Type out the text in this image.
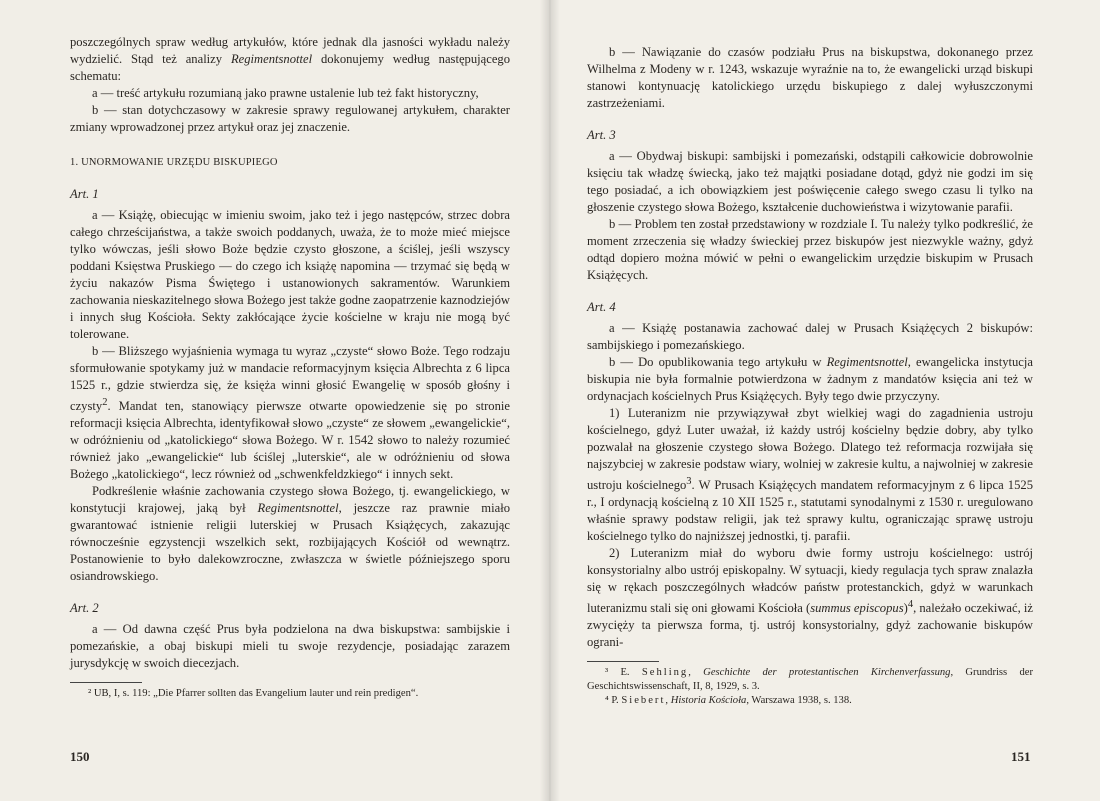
poszczególnych spraw według artykułów, które jednak dla jasności wykładu należy wydzielić. Stąd też analizy Regimentsnottel dokonujemy według następującego schematu:

a — treść artykułu rozumianą jako prawne ustalenie lub też fakt historyczny,

b — stan dotychczasowy w zakresie sprawy regulowanej artykułem, charakter zmiany wprowadzonej przez artykuł oraz jej znaczenie.

1. UNORMOWANIE URZĘDU BISKUPIEGO

Art. 1

a — Książę, obiecując w imieniu swoim, jako też i jego następców, strzec dobra całego chrześcijaństwa, a także swoich poddanych, uważa, że to może mieć miejsce tylko wówczas, jeśli słowo Boże będzie czysto głoszone, a ściślej, jeśli wszyscy poddani Księstwa Pruskiego — do czego ich książę napomina — trzymać się będą w życiu nakazów Pisma Świętego i ustanowionych sakramentów. Warunkiem zachowania nieskazitelnego słowa Bożego jest także godne zaopatrzenie kaznodziejów i innych sług Kościoła. Sekty zakłócające życie kościelne w kraju nie mogą być tolerowane.

b — Bliższego wyjaśnienia wymaga tu wyraz „czyste“ słowo Boże. Tego rodzaju sformułowanie spotykamy już w mandacie reformacyjnym księcia Albrechta z 6 lipca 1525 r., gdzie stwierdza się, że księża winni głosić Ewangelię w sposób głośny i czysty$^2$. Mandat ten, stanowiący pierwsze otwarte opowiedzenie się po stronie reformacji księcia Albrechta, identyfikował słowo „czyste“ ze słowem „ewangelickie“, w odróżnieniu od „katolickiego“ słowa Bożego. W r. 1542 słowo to należy rozumieć również jako „ewangelickie“ lub ściślej „luterskie“, ale w odróżnieniu od słowa Bożego „katolickiego“, lecz również od „schwenkfeldzkiego“ i innych sekt.

Podkreślenie właśnie zachowania czystego słowa Bożego, tj. ewangelickiego, w konstytucji krajowej, jaką był Regimentsnottel, jeszcze raz prawnie miało gwarantować istnienie religii luterskiej w Prusach Książęcych, zakazując równocześnie egzystencji wszelkich sekt, rozbijających Kościół od wewnątrz. Postanowienie to było dalekowzroczne, zwłaszcza w świetle późniejszego sporu osiandrowskiego.

Art. 2

a — Od dawna część Prus była podzielona na dwa biskupstwa: sambijskie i pomezańskie, a obaj biskupi mieli tu swoje rezydencje, posiadając zarazem jurysdykcję w swoich diecezjach.

² UB, I, s. 119: „Die Pfarrer sollten das Evangelium lauter und rein predigen“.

150

b — Nawiązanie do czasów podziału Prus na biskupstwa, dokonanego przez Wilhelma z Modeny w r. 1243, wskazuje wyraźnie na to, że ewangelicki urząd biskupi stanowi kontynuację katolickiego urzędu biskupiego z dalej wyłuszczonymi zastrzeżeniami.

Art. 3

a — Obydwaj biskupi: sambijski i pomezański, odstąpili całkowicie dobrowolnie księciu tak władzę świecką, jako też majątki posiadane dotąd, gdyż nie godzi im się tego posiadać, a ich obowiązkiem jest poświęcenie całego swego czasu li tylko na głoszenie czystego słowa Bożego, kształcenie duchowieństwa i wizytowanie parafii.

b — Problem ten został przedstawiony w rozdziale I. Tu należy tylko podkreślić, że moment zrzeczenia się władzy świeckiej przez biskupów jest niezwykle ważny, gdyż odtąd dopiero można mówić w pełni o ewangelickim urzędzie biskupim w Prusach Książęcych.

Art. 4

a — Książę postanawia zachować dalej w Prusach Książęcych 2 biskupów: sambijskiego i pomezańskiego.

b — Do opublikowania tego artykułu w Regimentsnottel, ewangelicka instytucja biskupia nie była formalnie potwierdzona w żadnym z mandatów księcia ani też w ordynacjach kościelnych Prus Książęcych. Były tego dwie przyczyny.

1) Luteranizm nie przywiązywał zbyt wielkiej wagi do zagadnienia ustroju kościelnego, gdyż Luter uważał, iż każdy ustrój kościelny będzie dobry, aby tylko pozwalał na głoszenie czystego słowa Bożego. Dlatego też reformacja rozwijała się najszybciej w zakresie podstaw wiary, wolniej w zakresie kultu, a najwolniej w zakresie ustroju kościelnego$^3$. W Prusach Książęcych mandatem reformacyjnym z 6 lipca 1525 r., I ordynacją kościelną z 10 XII 1525 r., statutami synodalnymi z 1530 r. uregulowano właśnie sprawy podstaw religii, jak też sprawy kultu, ograniczając sprawę ustroju kościelnego tylko do najniższej jednostki, tj. parafii.

2) Luteranizm miał do wyboru dwie formy ustroju kościelnego: ustrój konsystorialny albo ustrój episkopalny. W sytuacji, kiedy regulacja tych spraw znalazła się w rękach poszczególnych władców państw protestanckich, gdyż w warunkach luteranizmu stali się oni głowami Kościoła (summus episcopus)$^4$, należało oczekiwać, iż zwycięży ta pierwsza forma, tj. ustrój konsystorialny, gdyż zachowanie biskupów ograni-

³ E. Sehling, Geschichte der protestantischen Kirchenverfassung, Grundriss der Geschichtswissenschaft, II, 8, 1929, s. 3.

⁴ P. Siebert, Historia Kościoła, Warszawa 1938, s. 138.

151
